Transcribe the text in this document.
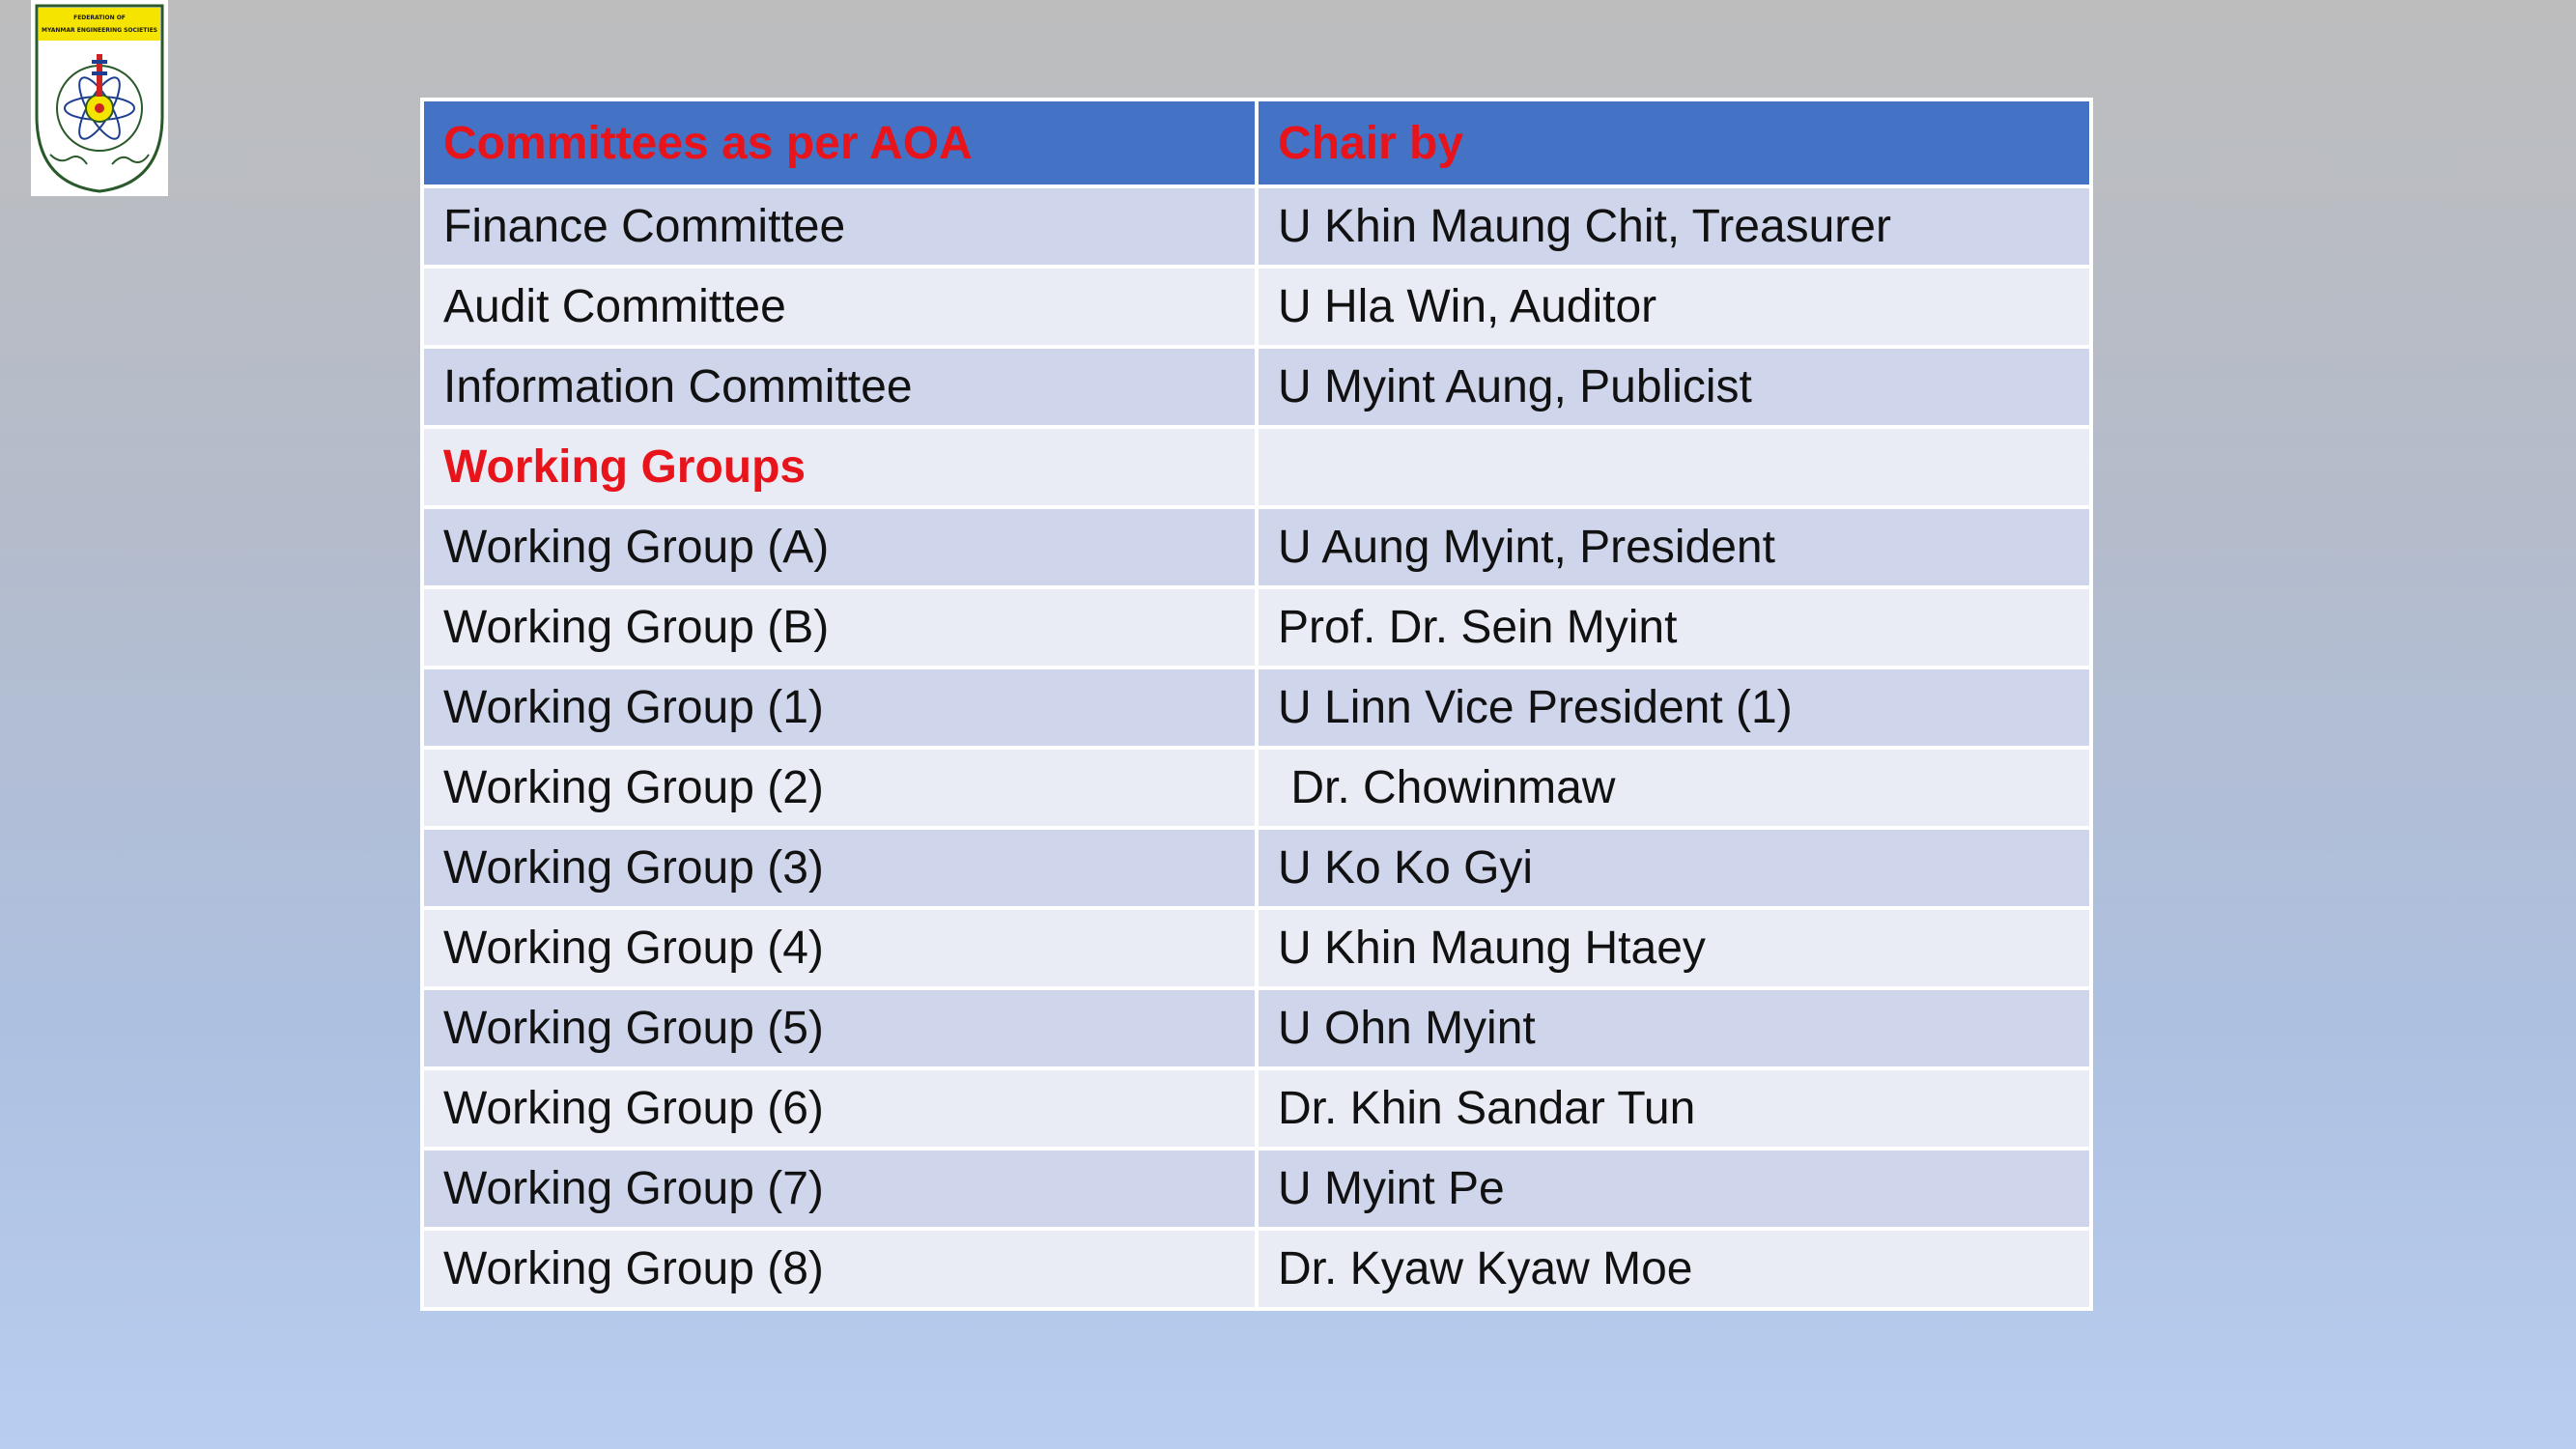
FEDERATION OF
MYANMAR ENGINEERING SOCIETIES
Committees as per AOA	Chair by
Finance Committee	U Khin Maung Chit, Treasurer
Audit Committee	U Hla Win, Auditor
Information Committee	U Myint Aung, Publicist
Working Groups	
Working Group (A)	U Aung Myint, President
Working Group (B)	Prof. Dr. Sein Myint
Working Group (1)	U Linn Vice President (1)
Working Group (2)	Dr. Chowinmaw
Working Group (3)	U Ko Ko Gyi
Working Group (4)	U Khin Maung Htaey
Working Group (5)	U Ohn Myint
Working Group (6)	Dr. Khin Sandar Tun
Working Group (7)	U Myint Pe
Working Group (8)	Dr. Kyaw Kyaw Moe
